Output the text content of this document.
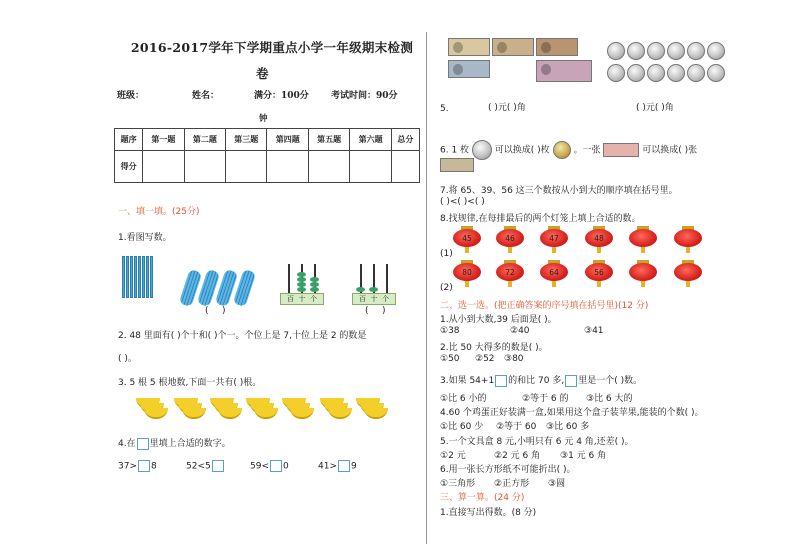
2016-2017学年下学期重点小学一年级期末检测
卷
班级：	姓名：	满分：100分 考试时间：90分
钟
题序	第一题	第二题	第三题	第四题	第五题	第六题	总分
得分							
一、填一填。(25分)
1.看图写数。
百 十 个	百 十 个
( )	( )
2. 48 里面有( )个十和( )个一。个位上是 7,十位上是 2 的数是
( )。
3. 5 根 5 根地数,下面一共有( )根。
4.在 里填上合适的数字。
37> 8	52<5	59< 0	41> 9
5.	( )元( )角	( )元( )角
6. 1 枚	可以换成( )枚	。一张	可以换成( )张
7.将 65、39、56 这三个数按从小到大的顺序填在括号里。
( )<( )<( )
8.找规律,在每排最后的两个灯笼上填上合适的数。
(1)
(2)
45	46	47	48
80	72	64	56
二、选一选。(把正确答案的序号填在括号里)(12 分)
1.从小到大数,39 后面是( )。
①38	②40	③41
2.比 50 大得多的数是( )。
①50 ②52 ③80
3.如果 54+1 的和比 70 多, 里是一个( )数。
①比 6 小的	②等于 6 的 ③比 6 大的
4.60 个鸡蛋正好装满一盒,如果用这个盒子装苹果,能装的个数( )。
①比 60 少 ②等于 60 ③比 60 多
5.一个文具盒 8 元,小明只有 6 元 4 角,还差( )。
①2 元	②2 元 6 角 ③1 元 6 角
6.用一张长方形纸不可能折出( )。
①三角形 ②正方形 ③圆
三、算一算。(24 分)
1.直接写出得数。(8 分)
